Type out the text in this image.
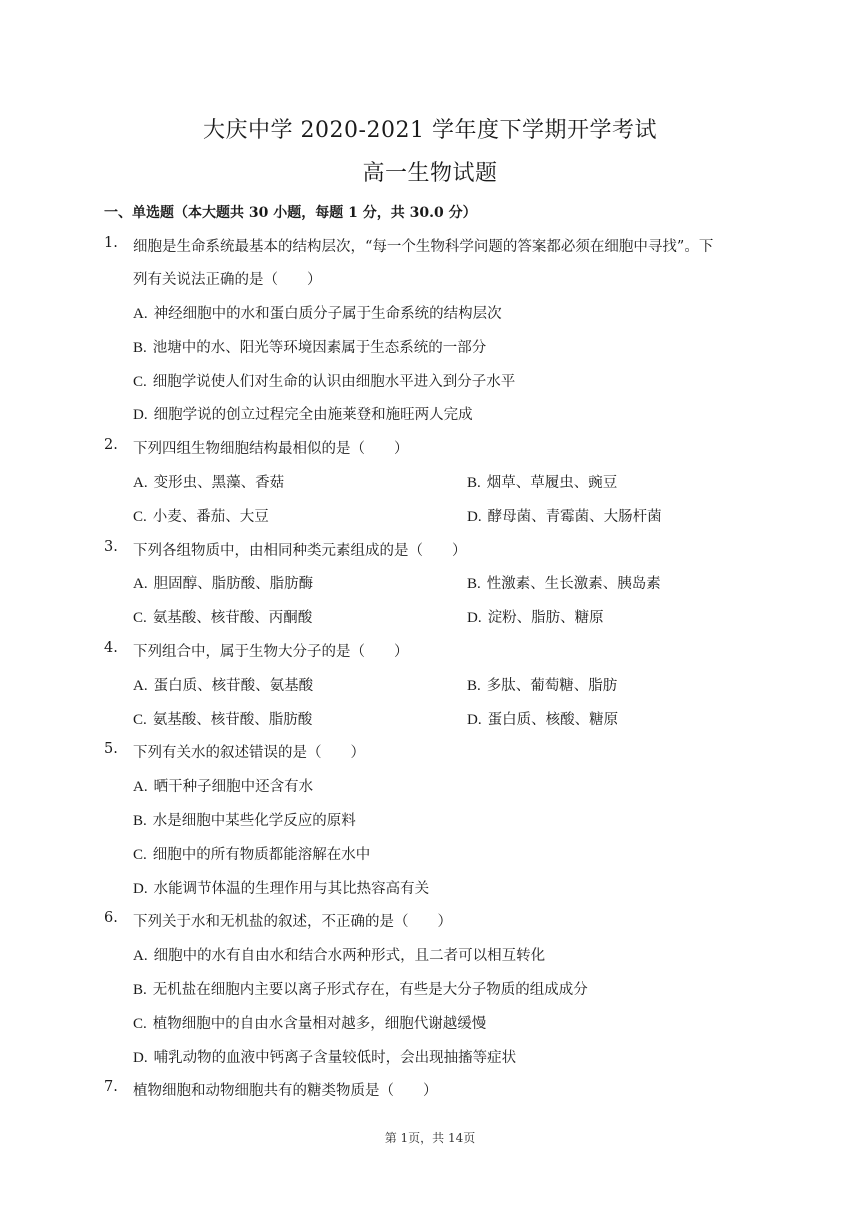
大庆中学 2020-2021 学年度下学期开学考试
高一生物试题
一、单选题（本大题共 30 小题，每题 1 分，共 30.0 分）
1. 细胞是生命系统最基本的结构层次，“每一个生物科学问题的答案都必须在细胞中寻找”。下
列有关说法正确的是（　　）
A. 神经细胞中的水和蛋白质分子属于生命系统的结构层次
B. 池塘中的水、阳光等环境因素属于生态系统的一部分
C. 细胞学说使人们对生命的认识由细胞水平进入到分子水平
D. 细胞学说的创立过程完全由施莱登和施旺两人完成
2. 下列四组生物细胞结构最相似的是（　　）
A. 变形虫、黑藻、香菇	B. 烟草、草履虫、豌豆
C. 小麦、番茄、大豆	D. 酵母菌、青霉菌、大肠杆菌
3. 下列各组物质中，由相同种类元素组成的是（　　）
A. 胆固醇、脂肪酸、脂肪酶	B. 性激素、生长激素、胰岛素
C. 氨基酸、核苷酸、丙酮酸	D. 淀粉、脂肪、糖原
4. 下列组合中，属于生物大分子的是（　　）
A. 蛋白质、核苷酸、氨基酸	B. 多肽、葡萄糖、脂肪
C. 氨基酸、核苷酸、脂肪酸	D. 蛋白质、核酸、糖原
5. 下列有关水的叙述错误的是（　　）
A. 晒干种子细胞中还含有水
B. 水是细胞中某些化学反应的原料
C. 细胞中的所有物质都能溶解在水中
D. 水能调节体温的生理作用与其比热容高有关
6. 下列关于水和无机盐的叙述，不正确的是（　　）
A. 细胞中的水有自由水和结合水两种形式，且二者可以相互转化
B. 无机盐在细胞内主要以离子形式存在，有些是大分子物质的组成成分
C. 植物细胞中的自由水含量相对越多，细胞代谢越缓慢
D. 哺乳动物的血液中钙离子含量较低时，会出现抽搐等症状
7. 植物细胞和动物细胞共有的糖类物质是（　　）
第 1页，共 14页
